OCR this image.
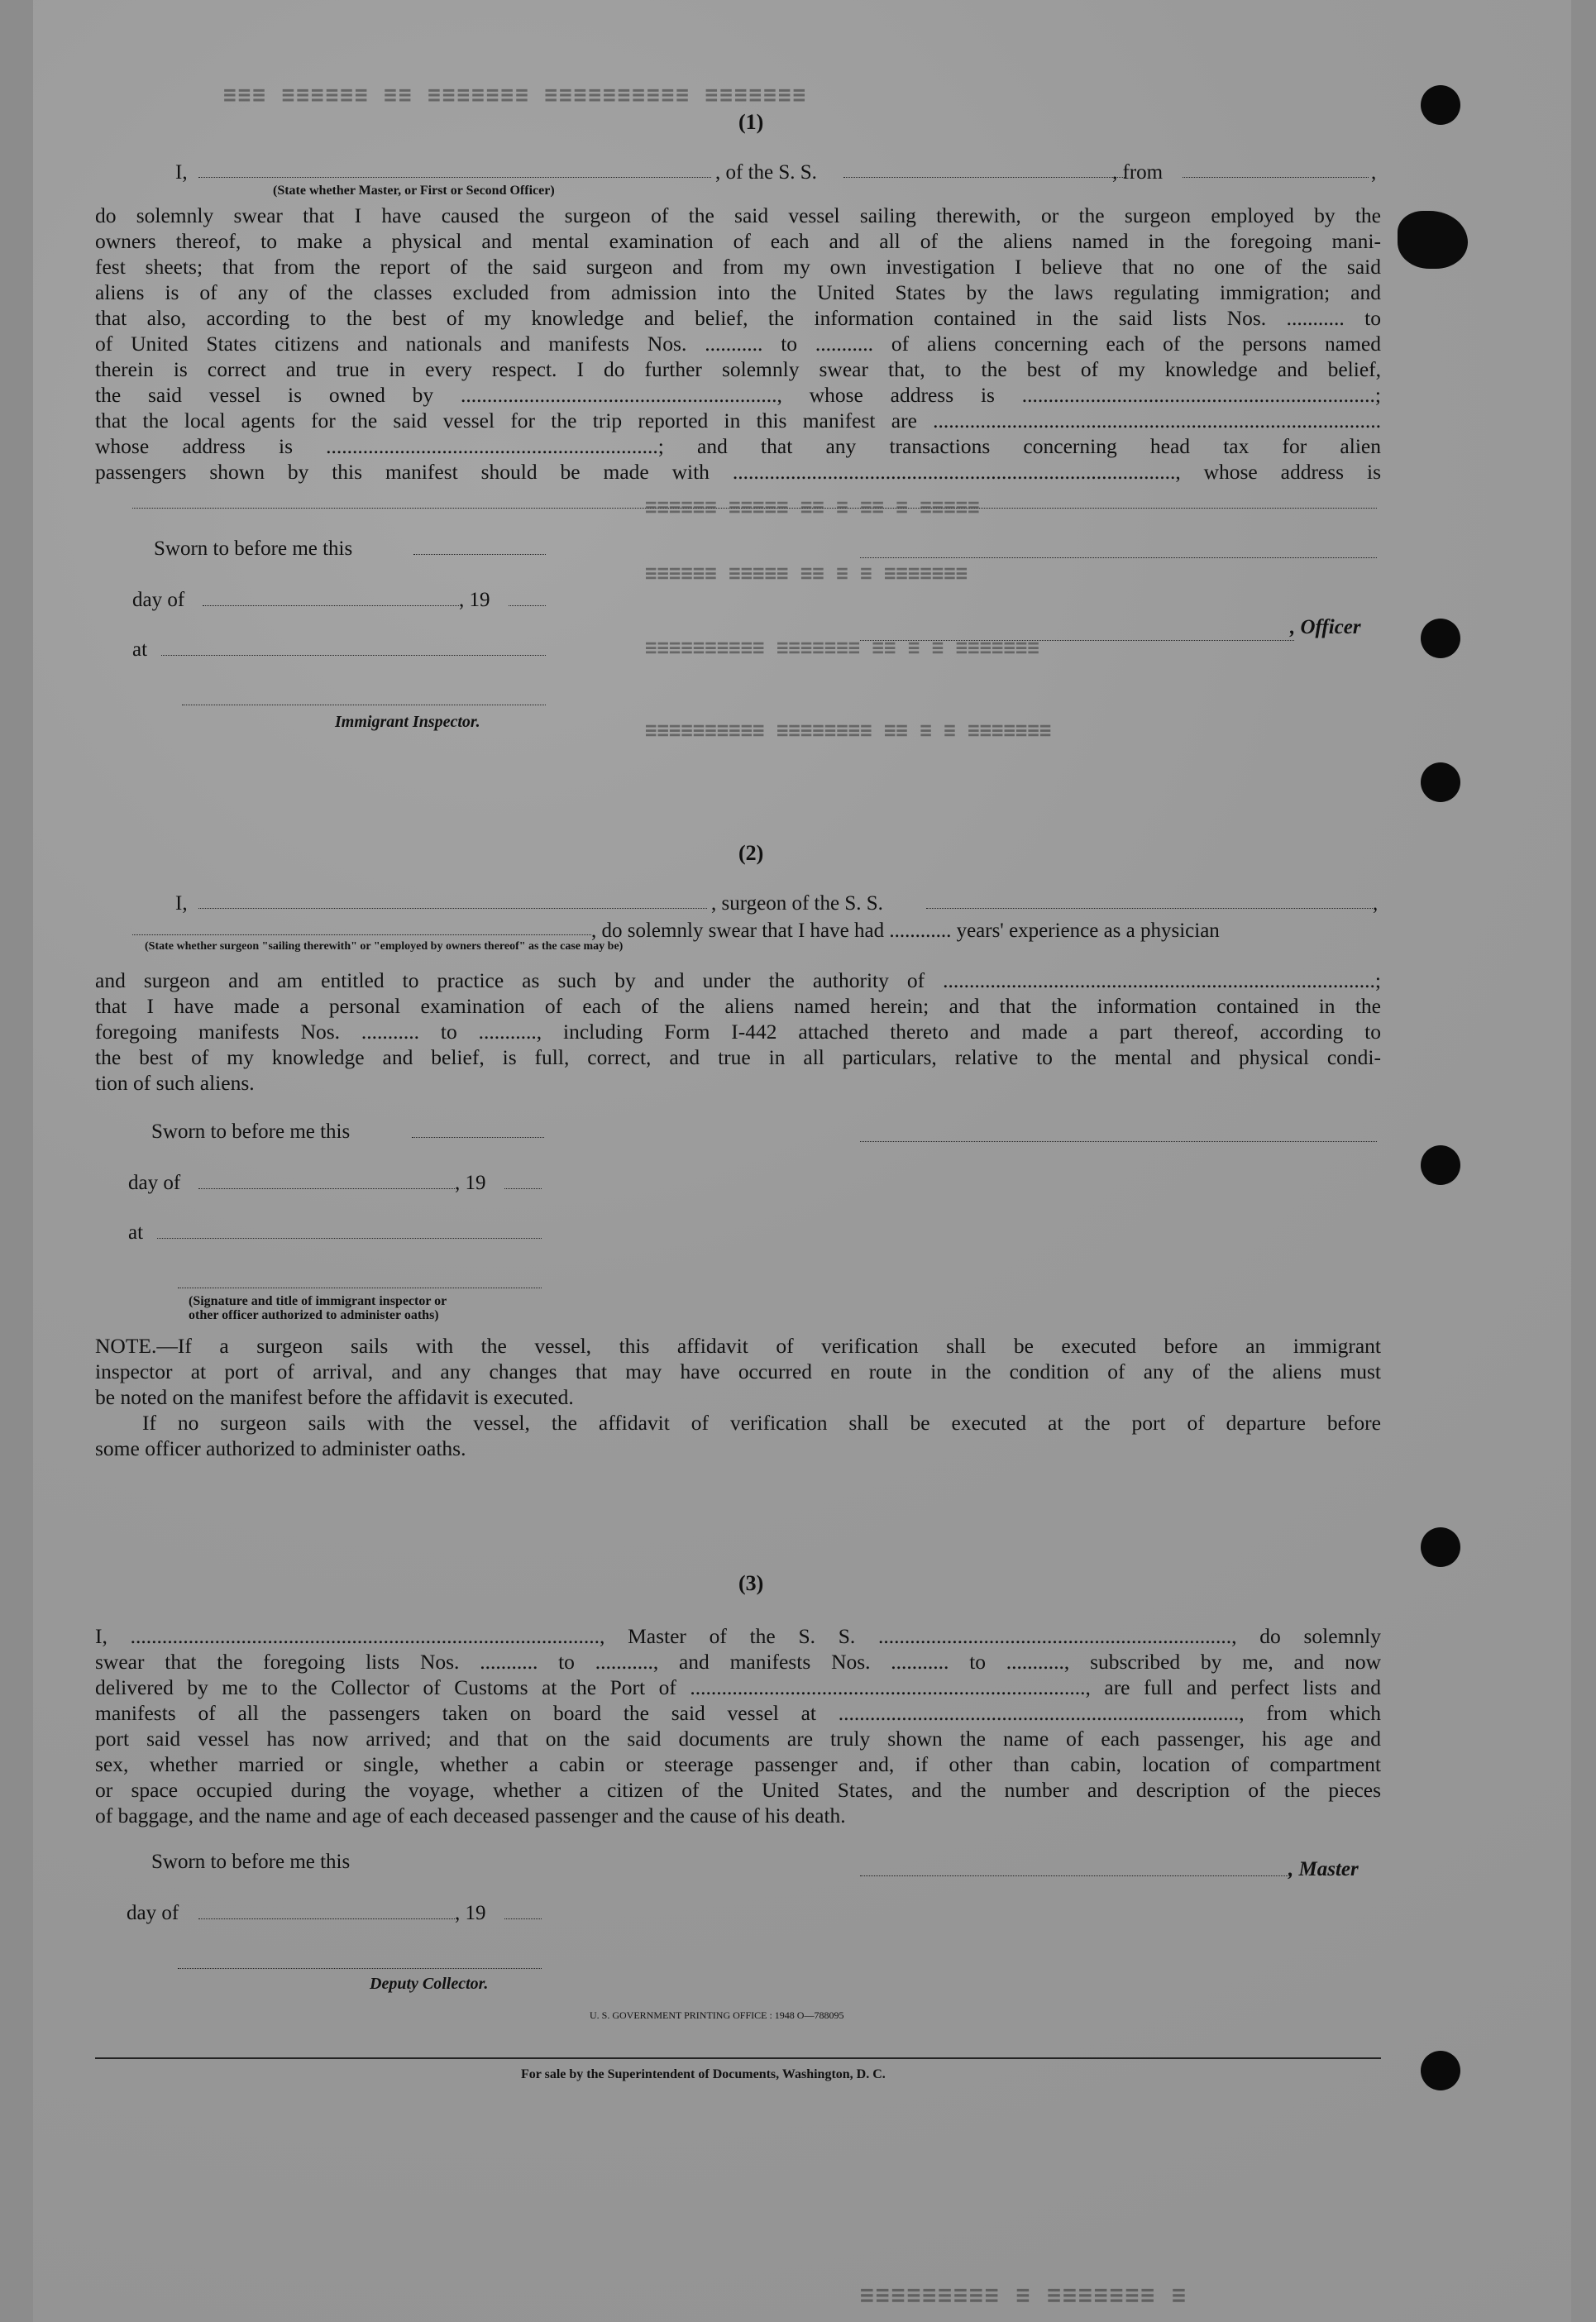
≡≡≡ ≡≡≡≡≡≡ ≡≡ ≡≡≡≡≡≡≡ ≡≡≡≡≡≡≡≡≡≡ ≡≡≡≡≡≡≡
≡≡≡≡≡≡ ≡≡≡≡≡ ≡≡ ≡ ≡≡ ≡ ≡≡≡≡≡
≡≡≡≡≡≡ ≡≡≡≡≡ ≡≡ ≡ ≡ ≡≡≡≡≡≡≡
≡≡≡≡≡≡≡≡≡≡ ≡≡≡≡≡≡≡ ≡≡ ≡ ≡ ≡≡≡≡≡≡≡
≡≡≡≡≡≡≡≡≡≡ ≡≡≡≡≡≡≡≡ ≡≡ ≡ ≡ ≡≡≡≡≡≡≡
≡≡≡≡≡≡≡≡≡ ≡ ≡≡≡≡≡≡≡ ≡
(1)
I,	, of the S. S.	, from	,
(State whether Master, or First or Second Officer)
do solemnly swear that I have caused the surgeon of the said vessel sailing therewith, or the surgeon employed by the
owners thereof, to make a physical and mental examination of each and all of the aliens named in the foregoing mani-
fest sheets; that from the report of the said surgeon and from my own investigation I believe that no one of the said
aliens is of any of the classes excluded from admission into the United States by the laws regulating immigration; and
that also, according to the best of my knowledge and belief, the information contained in the said lists Nos. ........... to
of United States citizens and nationals and manifests Nos. ........... to ........... of aliens concerning each of the persons named
therein is correct and true in every respect. I do further solemnly swear that, to the best of my knowledge and belief,
the said vessel is owned by ............................................................, whose address is ...................................................................;
that the local agents for the said vessel for the trip reported in this manifest are .....................................................................................
whose address is ...............................................................; and that any transactions concerning head tax for alien
passengers shown by this manifest should be made with ...................................................................................., whose address is
Sworn to before me this
day of	, 19
, Officer
at
Immigrant Inspector.
(2)
I,	, surgeon of the S. S.	,
, do solemnly swear that I have had ............ years' experience as a physician
(State whether surgeon "sailing therewith" or "employed by owners thereof" as the case may be)
and surgeon and am entitled to practice as such by and under the authority of ..................................................................................;
that I have made a personal examination of each of the aliens named herein; and that the information contained in the
foregoing manifests Nos. ........... to ..........., including Form I-442 attached thereto and made a part thereof, according to
the best of my knowledge and belief, is full, correct, and true in all particulars, relative to the mental and physical condi-
tion of such aliens.
Sworn to before me this
day of	, 19
at
(Signature and title of immigrant inspector or
other officer authorized to administer oaths)
NOTE.—If a surgeon sails with the vessel, this affidavit of verification shall be executed before an immigrant
inspector at port of arrival, and any changes that may have occurred en route in the condition of any of the aliens must
be noted on the manifest before the affidavit is executed.
If no surgeon sails with the vessel, the affidavit of verification shall be executed at the port of departure before
some officer authorized to administer oaths.
(3)
I, ........................................................................................., Master of the S. S. ..................................................................., do solemnly
swear that the foregoing lists Nos. ........... to ..........., and manifests Nos. ........... to ..........., subscribed by me, and now
delivered by me to the Collector of Customs at the Port of ..........................................................................., are full and perfect lists and
manifests of all the passengers taken on board the said vessel at ............................................................................, from which
port said vessel has now arrived; and that on the said documents are truly shown the name of each passenger, his age and
sex, whether married or single, whether a cabin or steerage passenger and, if other than cabin, location of compartment
or space occupied during the voyage, whether a citizen of the United States, and the number and description of the pieces
of baggage, and the name and age of each deceased passenger and the cause of his death.
Sworn to before me this	, Master
day of	, 19
Deputy Collector.
U. S. GOVERNMENT PRINTING OFFICE : 1948 O—788095
For sale by the Superintendent of Documents, Washington, D. C.
